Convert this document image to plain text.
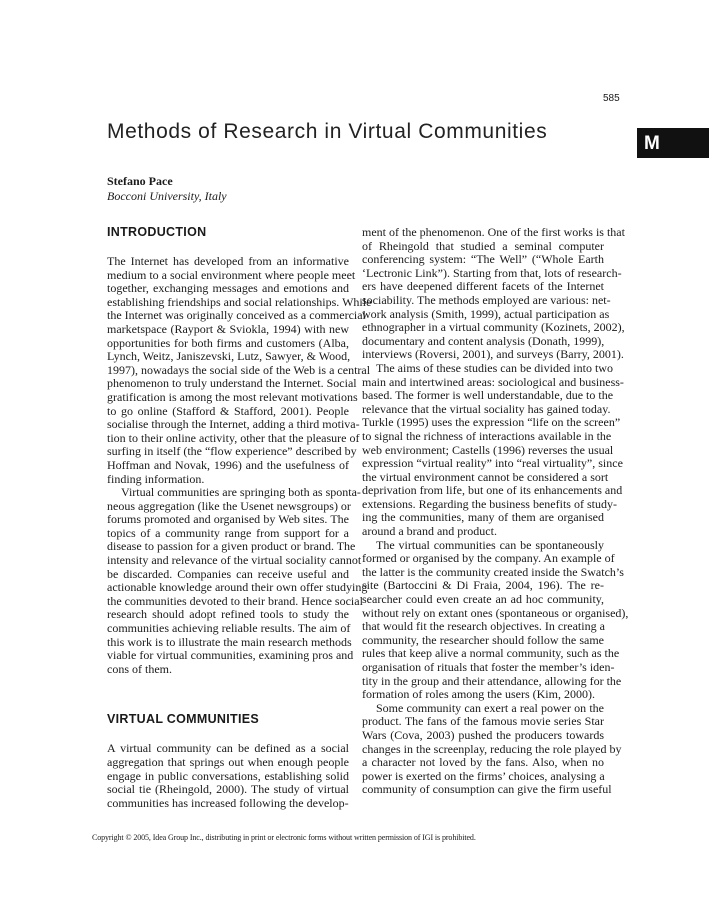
585
Methods of Research in Virtual Communities
M
Stefano Pace
Bocconi University, Italy
INTRODUCTION
The Internet has developed from an informative
medium to a social environment where people meet
together, exchanging messages and emotions and
establishing friendships and social relationships. While
the Internet was originally conceived as a commercial
marketspace (Rayport & Sviokla, 1994) with new
opportunities for both firms and customers (Alba,
Lynch, Weitz, Janiszevski, Lutz, Sawyer, & Wood,
1997), nowadays the social side of the Web is a central
phenomenon to truly understand the Internet. Social
gratification is among the most relevant motivations
to go online (Stafford & Stafford, 2001). People
socialise through the Internet, adding a third motiva-
tion to their online activity, other that the pleasure of
surfing in itself (the “flow experience” described by
Hoffman and Novak, 1996) and the usefulness of
finding information.
Virtual communities are springing both as sponta-
neous aggregation (like the Usenet newsgroups) or
forums promoted and organised by Web sites. The
topics of a community range from support for a
disease to passion for a given product or brand. The
intensity and relevance of the virtual sociality cannot
be discarded. Companies can receive useful and
actionable knowledge around their own offer studying
the communities devoted to their brand. Hence social
research should adopt refined tools to study the
communities achieving reliable results. The aim of
this work is to illustrate the main research methods
viable for virtual communities, examining pros and
cons of them.
VIRTUAL COMMUNITIES
A virtual community can be defined as a social
aggregation that springs out when enough people
engage in public conversations, establishing solid
social tie (Rheingold, 2000). The study of virtual
communities has increased following the develop-
ment of the phenomenon. One of the first works is that
of Rheingold that studied a seminal computer
conferencing system: “The Well” (“Whole Earth
‘Lectronic Link”). Starting from that, lots of research-
ers have deepened different facets of the Internet
sociability. The methods employed are various: net-
work analysis (Smith, 1999), actual participation as
ethnographer in a virtual community (Kozinets, 2002),
documentary and content analysis (Donath, 1999),
interviews (Roversi, 2001), and surveys (Barry, 2001).
The aims of these studies can be divided into two
main and intertwined areas: sociological and business-
based. The former is well understandable, due to the
relevance that the virtual sociality has gained today.
Turkle (1995) uses the expression “life on the screen”
to signal the richness of interactions available in the
web environment; Castells (1996) reverses the usual
expression “virtual reality” into “real virtuality”, since
the virtual environment cannot be considered a sort
deprivation from life, but one of its enhancements and
extensions. Regarding the business benefits of study-
ing the communities, many of them are organised
around a brand and product.
The virtual communities can be spontaneously
formed or organised by the company. An example of
the latter is the community created inside the Swatch’s
site (Bartoccini & Di Fraia, 2004, 196). The re-
searcher could even create an ad hoc community,
without rely on extant ones (spontaneous or organised),
that would fit the research objectives. In creating a
community, the researcher should follow the same
rules that keep alive a normal community, such as the
organisation of rituals that foster the member’s iden-
tity in the group and their attendance, allowing for the
formation of roles among the users (Kim, 2000).
Some community can exert a real power on the
product. The fans of the famous movie series Star
Wars (Cova, 2003) pushed the producers towards
changes in the screenplay, reducing the role played by
a character not loved by the fans. Also, when no
power is exerted on the firms’ choices, analysing a
community of consumption can give the firm useful
Copyright © 2005, Idea Group Inc., distributing in print or electronic forms without written permission of IGI is prohibited.
